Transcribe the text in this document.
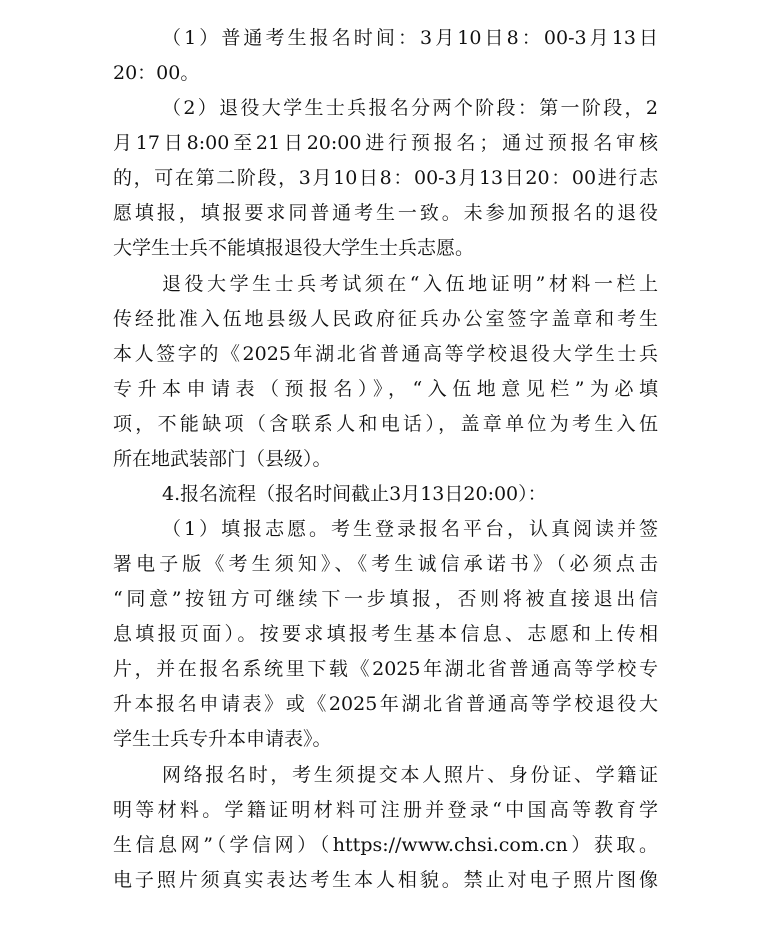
（1）普通考生报名时间：3月10日8：00-3月13日
20：00。
（2）退役大学生士兵报名分两个阶段：第一阶段，2
月17日8:00至21日20:00进行预报名；通过预报名审核
的，可在第二阶段，3月10日8：00-3月13日20：00进行志
愿填报，填报要求同普通考生一致。未参加预报名的退役
大学生士兵不能填报退役大学生士兵志愿。
退役大学生士兵考试须在“入伍地证明”材料一栏上
传经批准入伍地县级人民政府征兵办公室签字盖章和考生
本人签字的《2025年湖北省普通高等学校退役大学生士兵
专升本申请表（预报名）》，“入伍地意见栏”为必填
项，不能缺项（含联系人和电话），盖章单位为考生入伍
所在地武装部门（县级）。
4.报名流程（报名时间截止3月13日20:00）：
（1）填报志愿。考生登录报名平台，认真阅读并签
署电子版《考生须知》、《考生诚信承诺书》（必须点击
“同意”按钮方可继续下一步填报，否则将被直接退出信
息填报页面）。按要求填报考生基本信息、志愿和上传相
片，并在报名系统里下载《2025年湖北省普通高等学校专
升本报名申请表》或《2025年湖北省普通高等学校退役大
学生士兵专升本申请表》。
网络报名时，考生须提交本人照片、身份证、学籍证
明等材料。学籍证明材料可注册并登录“中国高等教育学
生信息网”（学信网）（https://www.chsi.com.cn）获取。
电子照片须真实表达考生本人相貌。禁止对电子照片图像
